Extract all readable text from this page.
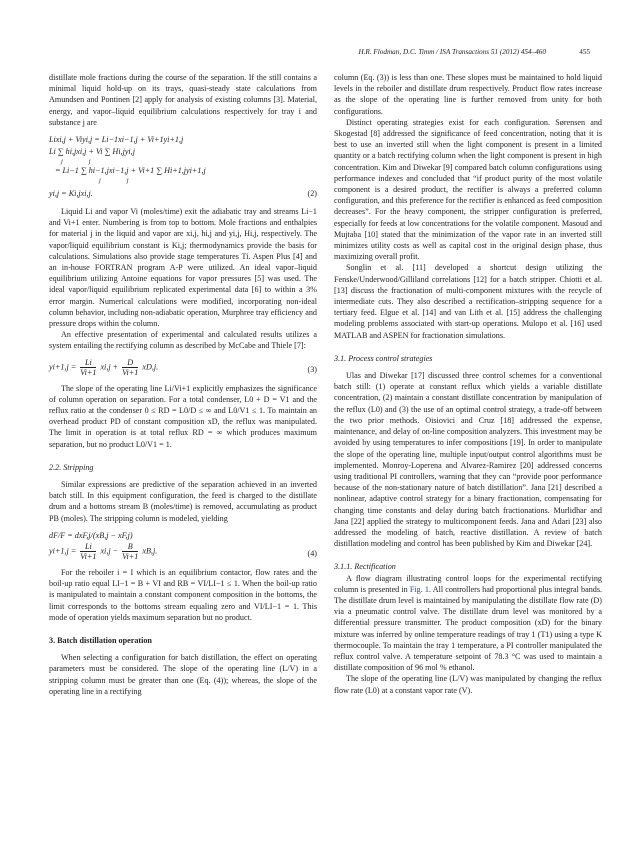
H.R. Flodman, D.C. Timm / ISA Transactions 51 (2012) 454–460	455

distillate mole fractions during the course of the separation. If the still contains a minimal liquid hold-up on its trays, quasi-steady state calculations from Amundsen and Pontinen [2] apply for analysis of existing columns [3]. Material, energy, and vapor–liquid equilibrium calculations respectively for tray i and substance j are

Lixi,j + Viyi,j = Li−1xi−1,j + Vi+1yi+1,j
Li ∑ hi,jxi,j + Vi ∑ Hi,jyi,j
j                j
= Li−1 ∑ hi−1,jxi−1,j + Vi+1 ∑ Hi+1,jyi+1,j
j                j
yi,j = Ki,jxi,j.	(2)

Liquid Li and vapor Vi (moles/time) exit the adiabatic tray and streams Li−1 and Vi+1 enter. Numbering is from top to bottom. Mole fractions and enthalpies for material j in the liquid and vapor are xi,j, hi,j and yi,j, Hi,j, respectively. The vapor/liquid equilibrium constant is Ki,j; thermodynamics provide the basis for calculations. Simulations also provide stage temperatures Ti. Aspen Plus [4] and an in-house FORTRAN program A-P were utilized. An ideal vapor–liquid equilibrium utilizing Antoine equations for vapor pressures [5] was used. The ideal vapor/liquid equilibrium replicated experimental data [6] to within a 3% error margin. Numerical calculations were modified, incorporating non-ideal column behavior, including non-adiabatic operation, Murphree tray efficiency and pressure drops within the column.

An effective presentation of experimental and calculated results utilizes a system entailing the rectifying column as described by McCabe and Thiele [7]:

$yi+1,j = \frac{Li}{Vi+1} xi,j + \frac{D}{Vi+1} xD,j$.	(3)

The slope of the operating line Li/Vi+1 explicitly emphasizes the significance of column operation on separation. For a total condenser, L0 + D = V1 and the reflux ratio at the condenser 0 ≤ RD = L0/D ≤ ∞ and L0/V1 ≤ 1. To maintain an overhead product PD of constant composition xD, the reflux was manipulated. The limit in operation is at total reflux RD = ∞ which produces maximum separation, but no product L0/V1 = 1.

2.2. Stripping

Similar expressions are predictive of the separation achieved in an inverted batch still. In this equipment configuration, the feed is charged to the distillate drum and a bottoms stream B (moles/time) is removed, accumulating as product PB (moles). The stripping column is modeled, yielding

dF/F = dxF,j/(xB,j − xF,j)
$yi+1,j = \frac{Li}{Vi+1} xi,j - \frac{B}{Vi+1} xB,j$.	(4)

For the reboiler i = I which is an equilibrium contactor, flow rates and the boil-up ratio equal LI−1 = B + VI and RB = VI/LI−1 ≤ 1. When the boil-up ratio is manipulated to maintain a constant component composition in the bottoms, the limit corresponds to the bottoms stream equaling zero and VI/LI−1 = 1. This mode of operation yields maximum separation but no product.

3. Batch distillation operation

When selecting a configuration for batch distillation, the effect on operating parameters must be considered. The slope of the operating line (L/V) in a stripping column must be greater than one (Eq. (4)); whereas, the slope of the operating line in a rectifying

column (Eq. (3)) is less than one. These slopes must be maintained to hold liquid levels in the reboiler and distillate drum respectively. Product flow rates increase as the slope of the operating line is further removed from unity for both configurations.

Distinct operating strategies exist for each configuration. Sørensen and Skogestad [8] addressed the significance of feed concentration, noting that it is best to use an inverted still when the light component is present in a limited quantity or a batch rectifying column when the light component is present in high concentration. Kim and Diwekar [9] compared batch column configurations using performance indexes and concluded that “if product purity of the most volatile component is a desired product, the rectifier is always a preferred column configuration, and this preference for the rectifier is enhanced as feed composition decreases”. For the heavy component, the stripper configuration is preferred, especially for feeds at low concentrations for the volatile component. Masoud and Mujtaba [10] stated that the minimization of the vapor rate in an inverted still minimizes utility costs as well as capital cost in the original design phase, thus maximizing overall profit.

Songlin et al. [11] developed a shortcut design utilizing the Fenske/Underwood/Gilliland correlations [12] for a batch stripper. Chiotti et al. [13] discuss the fractionation of multi-component mixtures with the recycle of intermediate cuts. They also described a rectification–stripping sequence for a tertiary feed. Elgue et al. [14] and van Lith et al. [15] address the challenging modeling problems associated with start-up operations. Mulopo et al. [16] used MATLAB and ASPEN for fractionation simulations.

3.1. Process control strategies

Ulas and Diwekar [17] discussed three control schemes for a conventional batch still: (1) operate at constant reflux which yields a variable distillate concentration, (2) maintain a constant distillate concentration by manipulation of the reflux (L0) and (3) the use of an optimal control strategy, a trade-off between the two prior methods. Oisiovici and Cruz [18] addressed the expense, maintenance, and delay of on-line composition analyzers. This investment may be avoided by using temperatures to infer compositions [19]. In order to manipulate the slope of the operating line, multiple input/output control algorithms must be implemented. Monroy-Loperena and Alvarez-Ramirez [20] addressed concerns using traditional PI controllers, warning that they can “provide poor performance because of the non-stationary nature of batch distillation”. Jana [21] described a nonlinear, adaptive control strategy for a binary fractionation, compensating for changing time constants and delay during batch fractionations. Murlidhar and Jana [22] applied the strategy to multicomponent feeds. Jana and Adari [23] also addressed the modeling of batch, reactive distillation. A review of batch distillation modeling and control has been published by Kim and Diwekar [24].

3.1.1. Rectification

A flow diagram illustrating control loops for the experimental rectifying column is presented in Fig. 1. All controllers had proportional plus integral bands. The distillate drum level is maintained by manipulating the distillate flow rate (D) via a pneumatic control valve. The distillate drum level was monitored by a differential pressure transmitter. The product composition (xD) for the binary mixture was inferred by online temperature readings of tray 1 (T1) using a type K thermocouple. To maintain the tray 1 temperature, a PI controller manipulated the reflux control valve. A temperature setpoint of 78.3 °C was used to maintain a distillate composition of 96 mol % ethanol.

The slope of the operating line (L/V) was manipulated by changing the reflux flow rate (L0) at a constant vapor rate (V).
